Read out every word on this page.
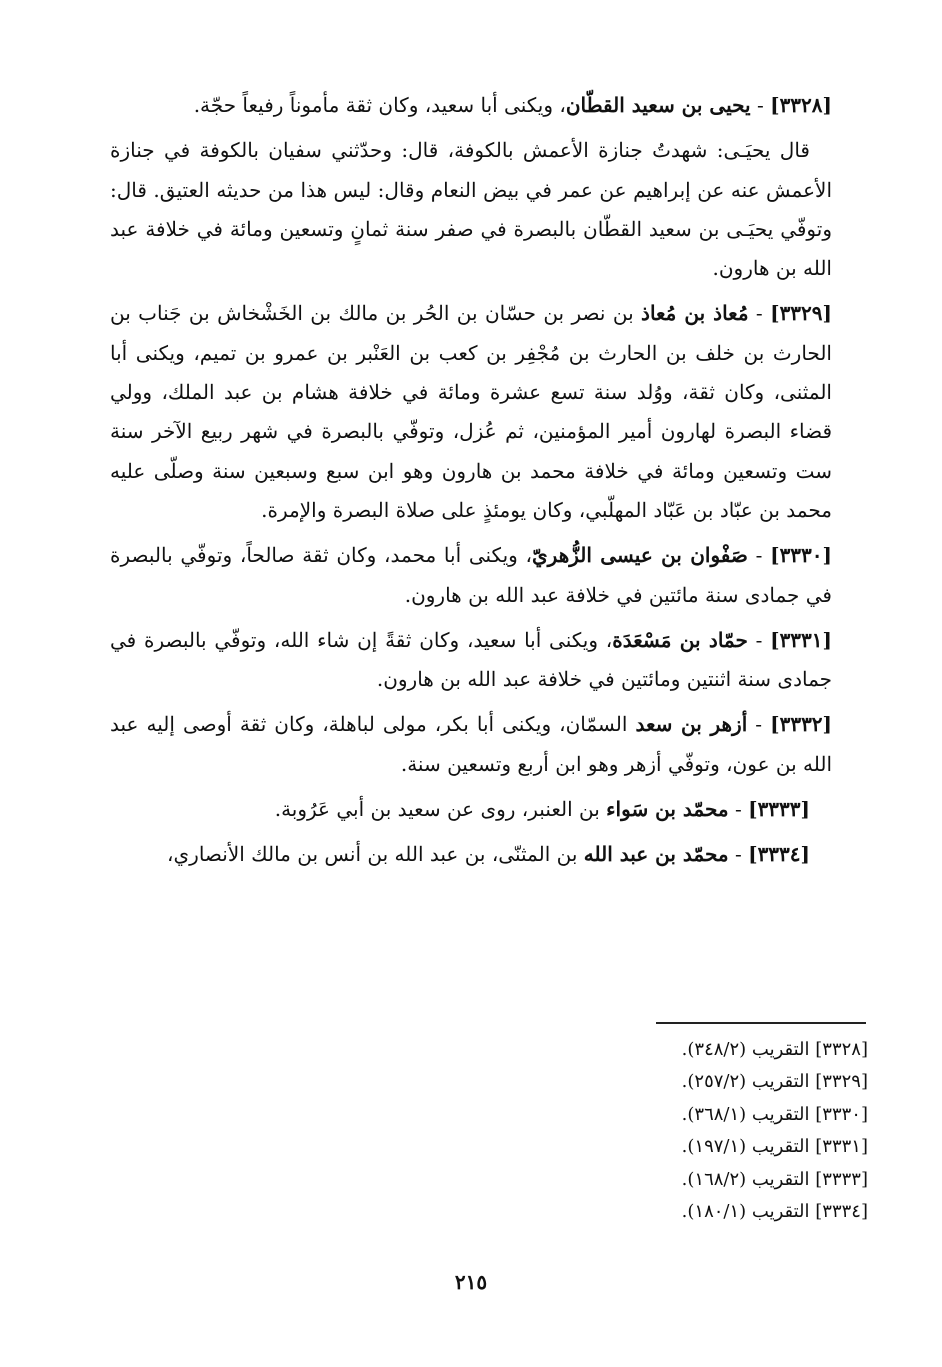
[٣٣٢٨] - يحيى بن سعيد القطّان، ويكنى أبا سعيد، وكان ثقة مأموناً رفيعاً حجّة.

قال يحيَـى: شهدتُ جنازة الأعمش بالكوفة، قال: وحدّثني سفيان بالكوفة في جنازة الأعمش عنه عن إبراهيم عن عمر في بيض النعام وقال: ليس هذا من حديثه العتيق. قال: وتوفّي يحيَـى بن سعيد القطّان بالبصرة في صفر سنة ثمانٍ وتسعين ومائة في خلافة عبد الله بن هارون.

[٣٣٢٩] - مُعاذ بن مُعاذ بن نصر بن حسّان بن الحُر بن مالك بن الخَشْخاش بن جَناب بن الحارث بن خلف بن الحارث بن مُجْفِر بن كعب بن العَنْبر بن عمرو بن تميم، ويكنى أبا المثنى، وكان ثقة، ووُلد سنة تسع عشرة ومائة في خلافة هشام بن عبد الملك، وولي قضاء البصرة لهارون أمير المؤمنين، ثم عُزل، وتوفّي بالبصرة في شهر ربيع الآخر سنة ست وتسعين ومائة في خلافة محمد بن هارون وهو ابن سبع وسبعين سنة وصلّى عليه محمد بن عبّاد بن عَبّاد المهلّبي، وكان يومئذٍ على صلاة البصرة والإمرة.

[٣٣٣٠] - صَفْوان بن عيسى الزُّهريّ، ويكنى أبا محمد، وكان ثقة صالحاً، وتوفّي بالبصرة في جمادى سنة مائتين في خلافة عبد الله بن هارون.

[٣٣٣١] - حمّاد بن مَسْعَدَة، ويكنى أبا سعيد، وكان ثقةً إن شاء الله، وتوفّي بالبصرة في جمادى سنة اثنتين ومائتين في خلافة عبد الله بن هارون.

[٣٣٣٢] - أزهر بن سعد السمّان، ويكنى أبا بكر، مولى لباهلة، وكان ثقة أوصى إليه عبد الله بن عون، وتوفّي أزهر وهو ابن أربع وتسعين سنة.

[٣٣٣٣] - محمّد بن سَواء بن العنبر، روى عن سعيد بن أبي عَرُوبة.

[٣٣٣٤] - محمّد بن عبد الله بن المثنّى، بن عبد الله بن أنس بن مالك الأنصاري،

[٣٣٢٨] التقريب (٣٤٨/٢).
[٣٣٢٩] التقريب (٢٥٧/٢).
[٣٣٣٠] التقريب (٣٦٨/١).
[٣٣٣١] التقريب (١٩٧/١).
[٣٣٣٣] التقريب (١٦٨/٢).
[٣٣٣٤] التقريب (١٨٠/١).
٢١٥
